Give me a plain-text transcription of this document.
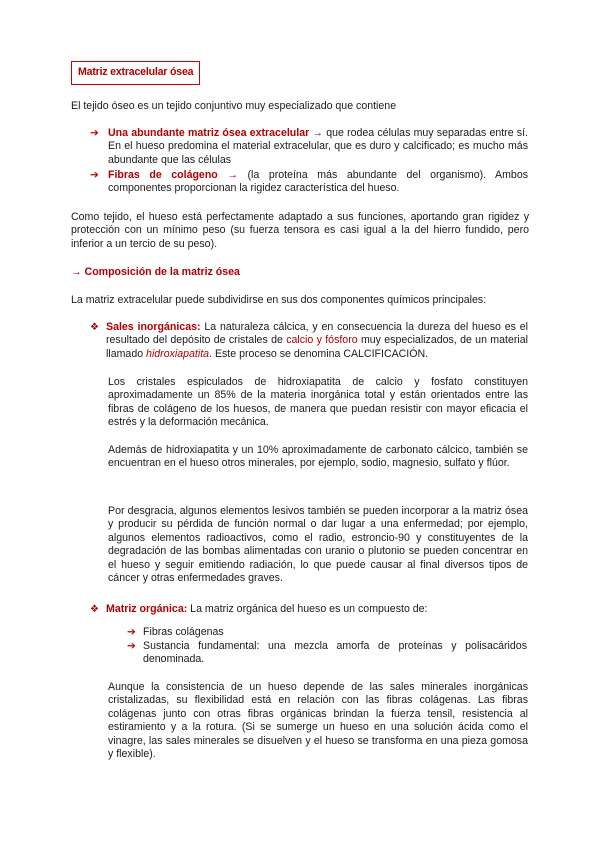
Matriz extracelular ósea
El tejido óseo es un tejido conjuntivo muy especializado que contiene
➔ Una abundante matriz ósea extracelular → que rodea células muy separadas entre sí. En el hueso predomina el material extracelular, que es duro y calcificado; es mucho más abundante que las células
➔ Fibras de colágeno → (la proteína más abundante del organismo). Ambos componentes proporcionan la rigidez característica del hueso.
Como tejido, el hueso está perfectamente adaptado a sus funciones, aportando gran rigidez y protección con un mínimo peso (su fuerza tensora es casi igual a la del hierro fundido, pero inferior a un tercio de su peso).
→ Composición de la matriz ósea
La matriz extracelular puede subdividirse en sus dos componentes químicos principales:
❖ Sales inorgánicas: La naturaleza cálcica, y en consecuencia la dureza del hueso es el resultado del depósito de cristales de calcio y fósforo muy especializados, de un material llamado hidroxiapatita. Este proceso se denomina CALCIFICACIÓN.
Los cristales espiculados de hidroxiapatita de calcio y fosfato constituyen aproximadamente un 85% de la materia inorgánica total y están orientados entre las fibras de colágeno de los huesos, de manera que puedan resistir con mayor eficacia el estrés y la deformación mecánica.
Además de hidroxiapatita y un 10% aproximadamente de carbonato cálcico, también se encuentran en el hueso otros minerales, por ejemplo, sodio, magnesio, sulfato y flúor.
Por desgracia, algunos elementos lesivos también se pueden incorporar a la matriz ósea y producir su pérdida de función normal o dar lugar a una enfermedad; por ejemplo, algunos elementos radioactivos, como el radio, estroncio-90 y constituyentes de la degradación de las bombas alimentadas con uranio o plutonio se pueden concentrar en el hueso y seguir emitiendo radiación, lo que puede causar al final diversos tipos de cáncer y otras enfermedades graves.
❖ Matriz orgánica: La matriz orgánica del hueso es un compuesto de:
➔ Fibras colágenas
➔ Sustancia fundamental: una mezcla amorfa de proteínas y polisacáridos denominada.
Aunque la consistencia de un hueso depende de las sales minerales inorgánicas cristalizadas, su flexibilidad está en relación con las fibras colágenas. Las fibras colágenas junto con otras fibras orgánicas brindan la fuerza tensil, resistencia al estiramiento y a la rotura. (Si se sumerge un hueso en una solución ácida como el vinagre, las sales minerales se disuelven y el hueso se transforma en una pieza gomosa y flexible).
